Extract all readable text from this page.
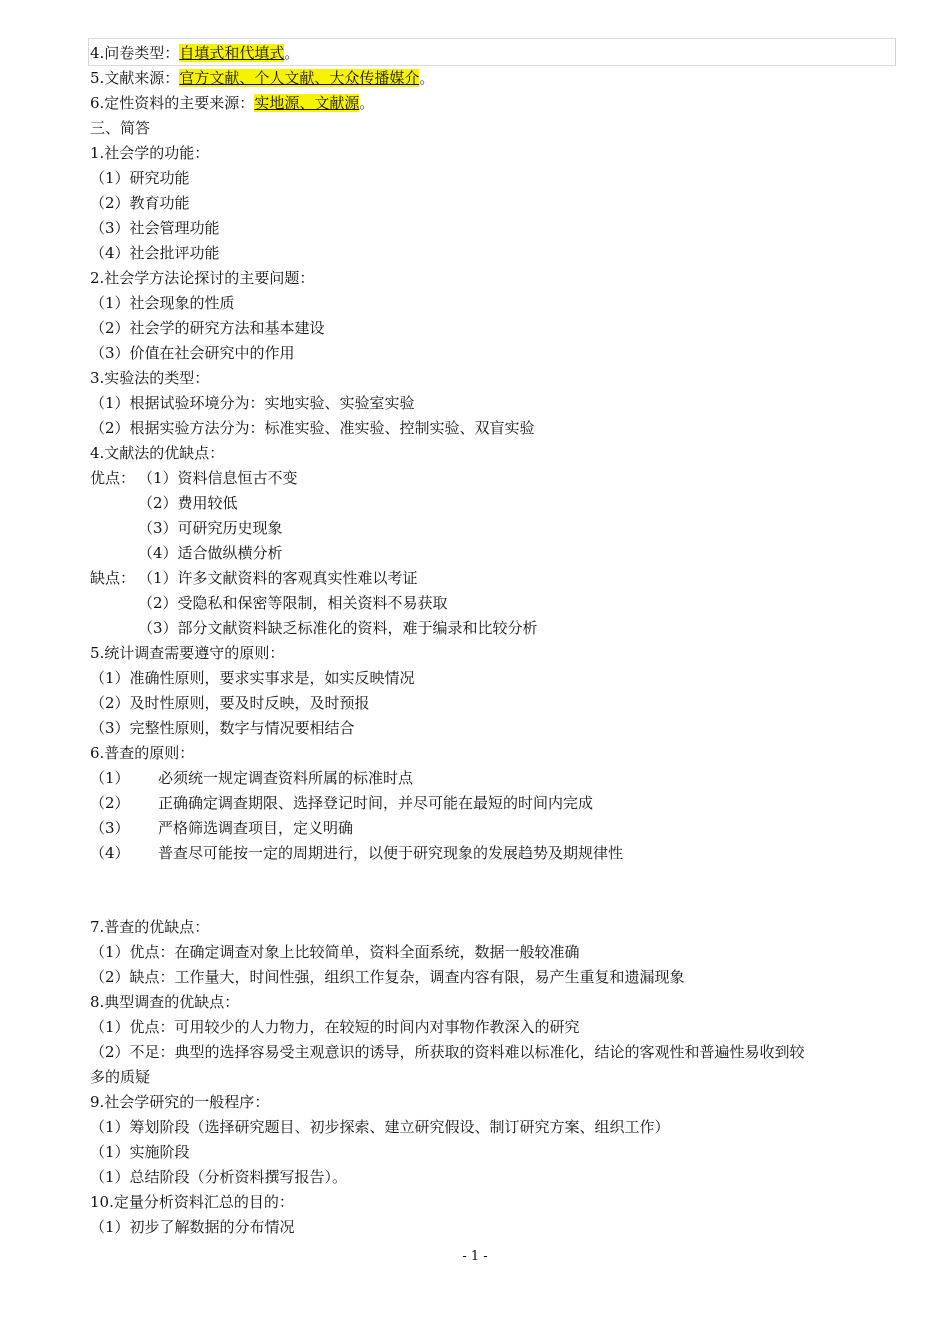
4.问卷类型：自填式和代填式。
5.文献来源：官方文献、个人文献、大众传播媒介。
6.定性资料的主要来源：实地源、文献源。
三、简答
1.社会学的功能：
（1）研究功能
（2）教育功能
（3）社会管理功能
（4）社会批评功能
2.社会学方法论探讨的主要问题：
（1）社会现象的性质
（2）社会学的研究方法和基本建设
（3）价值在社会研究中的作用
3.实验法的类型：
（1）根据试验环境分为：实地实验、实验室实验
（2）根据实验方法分为：标准实验、准实验、控制实验、双盲实验
4.文献法的优缺点：
优点： （1）资料信息恒古不变
（2）费用较低
（3）可研究历史现象
（4）适合做纵横分析
缺点： （1）许多文献资料的客观真实性难以考证
（2）受隐私和保密等限制，相关资料不易获取
（3）部分文献资料缺乏标准化的资料，难于编录和比较分析
5.统计调查需要遵守的原则：
（1）准确性原则，要求实事求是，如实反映情况
（2）及时性原则，要及时反映，及时预报
（3）完整性原则，数字与情况要相结合
6.普查的原则：
（1） 必须统一规定调查资料所属的标准时点
（2） 正确确定调查期限、选择登记时间，并尽可能在最短的时间内完成
（3） 严格筛选调查项目，定义明确
（4） 普查尽可能按一定的周期进行，以便于研究现象的发展趋势及期规律性
7.普查的优缺点：
（1）优点：在确定调查对象上比较简单，资料全面系统，数据一般较准确
（2）缺点：工作量大，时间性强，组织工作复杂，调查内容有限，易产生重复和遗漏现象
8.典型调查的优缺点：
（1）优点：可用较少的人力物力，在较短的时间内对事物作教深入的研究
（2）不足：典型的选择容易受主观意识的诱导，所获取的资料难以标准化，结论的客观性和普遍性易收到较
多的质疑
9.社会学研究的一般程序：
（1）筹划阶段（选择研究题目、初步探索、建立研究假设、制订研究方案、组织工作）
（1）实施阶段
（1）总结阶段（分析资料撰写报告）。
10.定量分析资料汇总的目的：
（1）初步了解数据的分布情况
- 1 -
